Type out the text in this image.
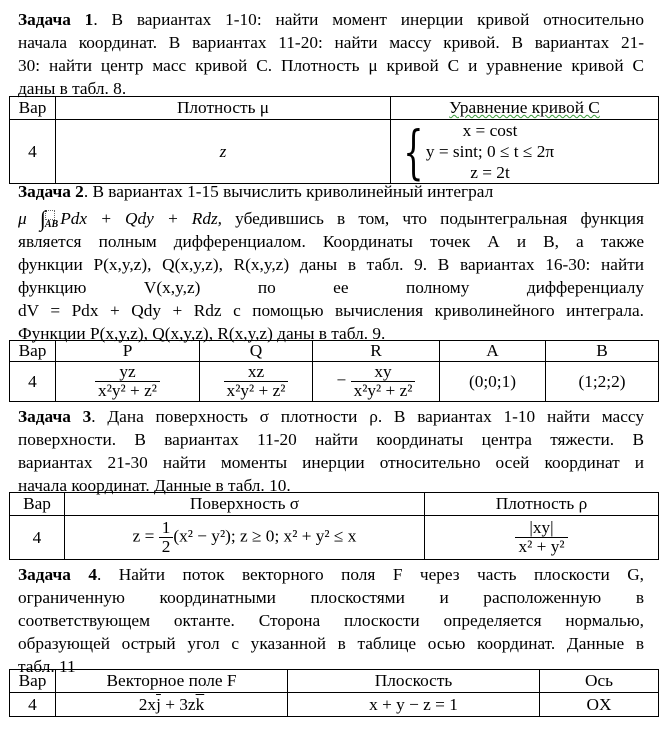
Задача 1. В вариантах 1-10: найти момент инерции кривой относительно
начала координат. В вариантах 11-20: найти массу кривой. В вариантах 21-
30: найти центр масс кривой С. Плотность μ кривой С и уравнение кривой С
даны в табл. 8.
Вар	Плотность μ	Уравнение кривой С
4	z	{ x = cost
y = sint; 0 ≤ t ≤ 2π
z = 2t
Задача 2. В вариантах 1-15 вычислить криволинейный интеграл
μ ∫ AB Pdx + Qdy + Rdz, убедившись в том, что подынтегральная функция
является полным дифференциалом. Координаты точек А и В, а также
функции P(x,y,z), Q(x,y,z), R(x,y,z) даны в табл. 9. В вариантах 16-30: найти
функцию V(x,y,z) по ее полному дифференциалу
dV = Pdx + Qdy + Rdz с помощью вычисления криволинейного интеграла.
Функции P(x,y,z), Q(x,y,z), R(x,y,z) даны в табл. 9.
Вар	P	Q	R	A	B
4	$\frac{yz}{\text{x²y² + z²}}$	$\frac{xz}{\text{x²y² + z²}}$	− $\frac{xy}{\text{x²y² + z²}}$	(0;0;1)	(1;2;2)
Задача 3. Дана поверхность σ плотности ρ. В вариантах 1-10 найти массу
поверхности. В вариантах 11-20 найти координаты центра тяжести. В
вариантах 21-30 найти моменты инерции относительно осей координат и
начала координат. Данные в табл. 10.
Вар	Поверхность σ	Плотность ρ
4	$z = \frac{1}{2} (x^2 - y^2)$; z ≥ 0; x² + y² ≤ x	$\frac{|xy|}{\text{x² + y²}}$
Задача 4. Найти поток векторного поля F через часть плоскости G,
ограниченную координатными плоскостями и расположенную в
соответствующем октанте. Сторона плоскости определяется нормалью,
образующей острый угол с указанной в таблице осью координат. Данные в
табл. 11
Вар	Векторное поле F	Плоскость	Ось
4	$2x\overline{j} + 3z\overline{k}$	x + y − z = 1	OX
